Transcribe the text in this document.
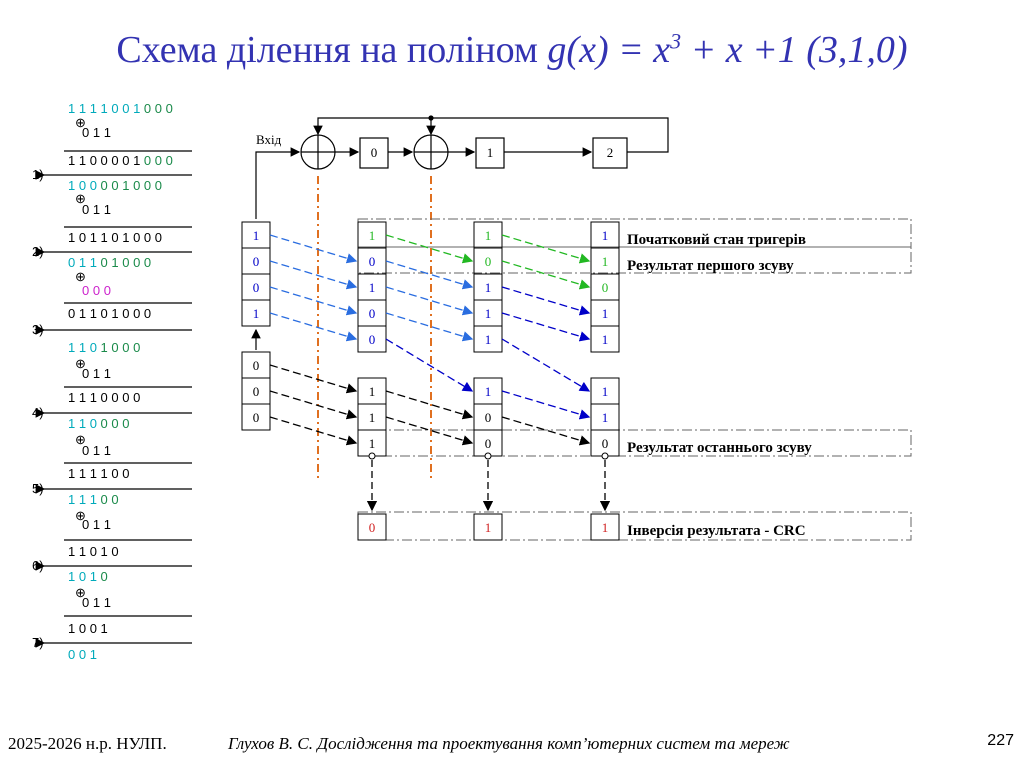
Схема ділення на поліном $g(x) = x^3 + x +1$ (3,1,0)
1 1 1 1 0 0 1 0 0 0
0 1 1
1 1 0 0 0 0 1 0 0 0
1 0 0 0 0 1 0 0 0
0 1 1
1 0 1 1 0 1 0 0 0
0 1 1 0 1 0 0 0
0 0 0
0 1 1 0 1 0 0 0
1 1 0 1 0 0 0
0 1 1
1 1 1 0 0 0 0
1 1 0 0 0 0
0 1 1
1 1 1 1 0 0
1 1 1 0 0
0 1 1
1 1 0 1 0
1 0 1 0
0 1 1
1 0 0 1
0 0 1
1)
2)
3)
4)
5)
6)
7)
⊕
⊕
⊕
⊕
⊕
⊕
⊕
Вхід
0	1	2
1
0
0
1
0
0
0
1
0
1
0
0
1
1
1
1
0
1
1
1
1
0
0
1
1
0
1
1
1
1
0
0	1	1
Початковий стан тригерів
Результат першого зсуву
Результат останнього зсуву
Інверсія результата - CRC
2025-2026 н.р. НУЛП.	Глухов В. С. Дослідження та проектування комп’ютерних систем та мереж	227
